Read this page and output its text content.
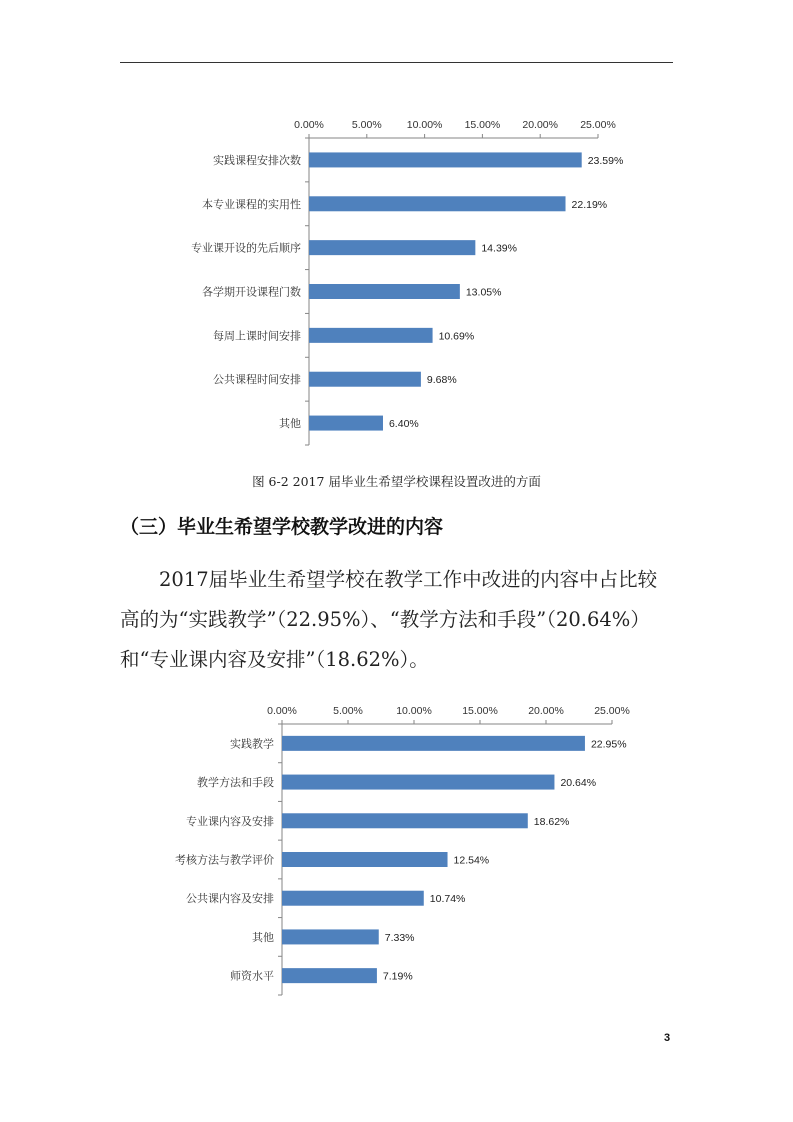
0.00%	5.00% 10.00% 15.00% 20.00% 25.00%
实践课程安排次数	23.59%
本专业课程的实用性	22.19%
专业课开设的先后顺序	14.39%
各学期开设课程门数	13.05%
每周上课时间安排	10.69%
公共课程时间安排	9.68%
其他	6.40%
图 6-2 2017 届毕业生希望学校课程设置改进的方面
（三）毕业生希望学校教学改进的内容

2017届毕业生希望学校在教学工作中改进的内容中占比较高的为“实践教学”（22.95%）、“教学方法和手段”（20.64%）和“专业课内容及安排”（18.62%）。

0.00%	5.00%	10.00%	15.00%	20.00%	25.00%
实践教学	22.95%
教学方法和手段	20.64%
专业课内容及安排	18.62%
考核方法与教学评价	12.54%
公共课内容及安排	10.74%
其他	7.33%
师资水平	7.19%
3
